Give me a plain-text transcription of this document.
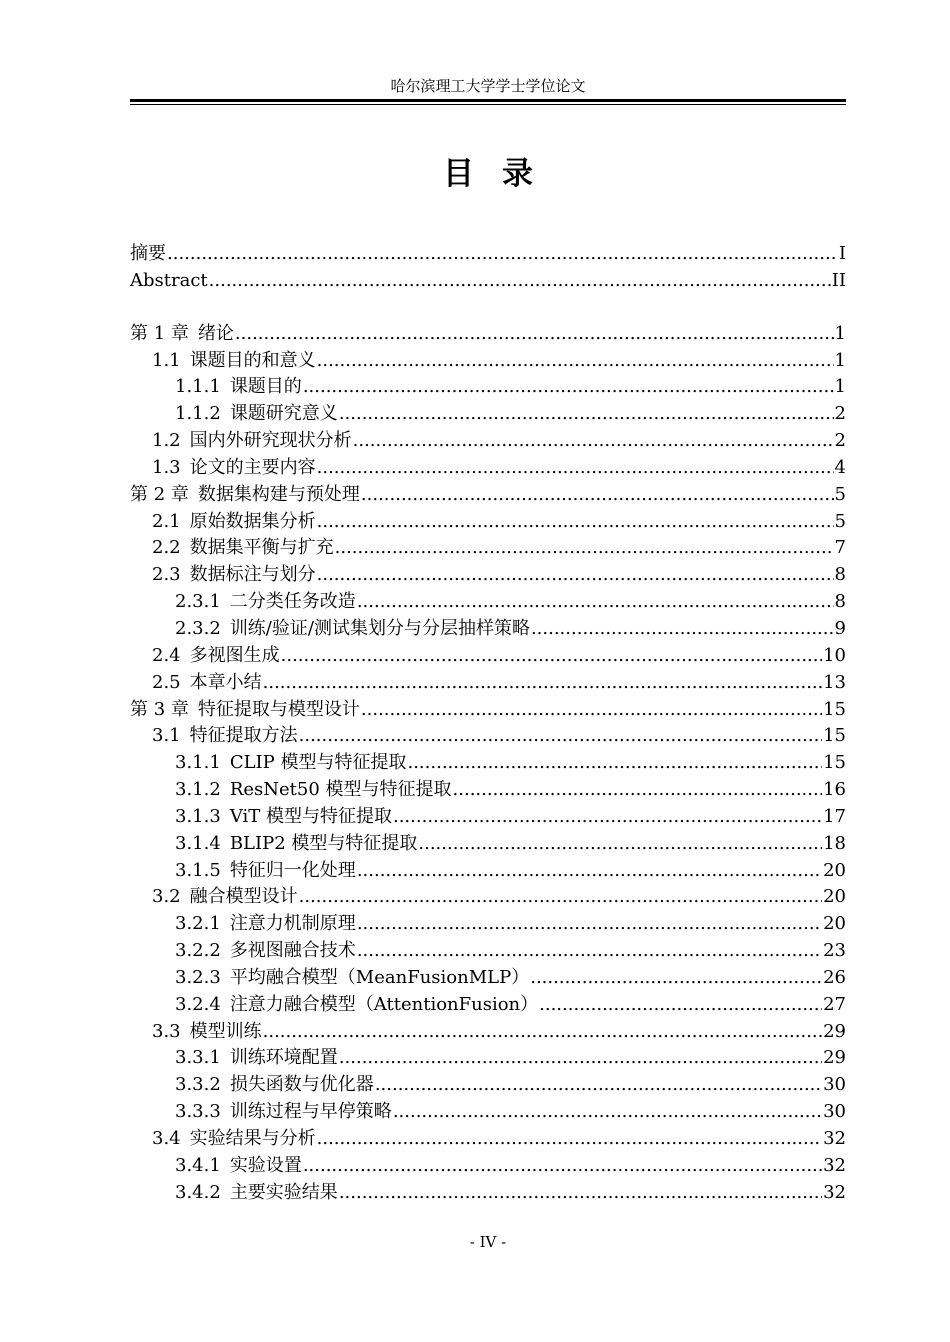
哈尔滨理工大学学士学位论文
目录
摘要 .....	I
Abstract .....	II
第 1 章 绪论 .....	1
1.1 课题目的和意义 .....	1
1.1.1 课题目的 .....	1
1.1.2 课题研究意义 .....	2
1.2 国内外研究现状分析 .....	2
1.3 论文的主要内容 .....	4
第 2 章 数据集构建与预处理 .....	5
2.1 原始数据集分析 .....	5
2.2 数据集平衡与扩充 .....	7
2.3 数据标注与划分 .....	8
2.3.1 二分类任务改造 .....	8
2.3.2 训练/验证/测试集划分与分层抽样策略 .....	9
2.4 多视图生成 .....	10
2.5 本章小结 .....	13
第 3 章 特征提取与模型设计 .....	15
3.1 特征提取方法 .....	15
3.1.1 CLIP 模型与特征提取 .....	15
3.1.2 ResNet50 模型与特征提取 .....	16
3.1.3 ViT 模型与特征提取 .....	17
3.1.4 BLIP2 模型与特征提取 .....	18
3.1.5 特征归一化处理 .....	20
3.2 融合模型设计 .....	20
3.2.1 注意力机制原理 .....	20
3.2.2 多视图融合技术 .....	23
3.2.3 平均融合模型（MeanFusionMLP） .....	26
3.2.4 注意力融合模型（AttentionFusion） .....	27
3.3 模型训练 .....	29
3.3.1 训练环境配置 .....	29
3.3.2 损失函数与优化器 .....	30
3.3.3 训练过程与早停策略 .....	30
3.4 实验结果与分析 .....	32
3.4.1 实验设置 .....	32
3.4.2 主要实验结果 .....	32
- IV -
